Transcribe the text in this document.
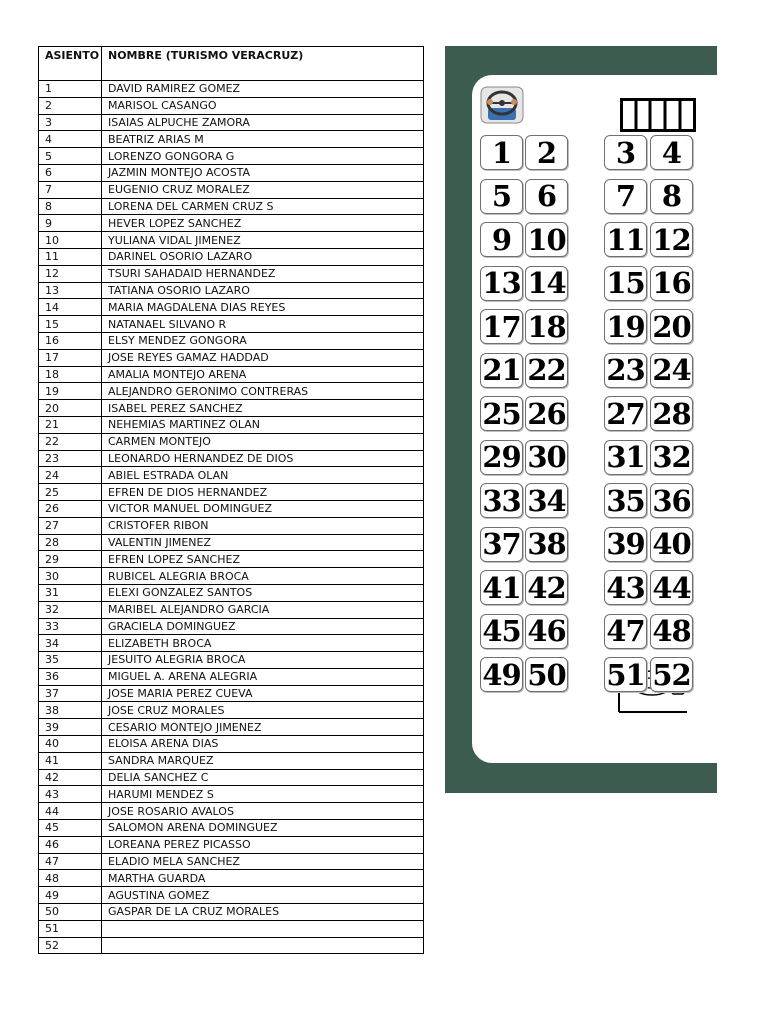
ASIENTO	NOMBRE (TURISMO VERACRUZ)
1	DAVID RAMIREZ GOMEZ
2	MARISOL CASANGO
3	ISAIAS ALPUCHE ZAMORA
4	BEATRIZ ARIAS M
5	LORENZO GONGORA G
6	JAZMIN MONTEJO ACOSTA
7	EUGENIO CRUZ MORALEZ
8	LORENA DEL CARMEN CRUZ S
9	HEVER LOPEZ SANCHEZ
10	YULIANA VIDAL JIMENEZ
11	DARINEL OSORIO LAZARO
12	TSURI SAHADAID HERNANDEZ
13	TATIANA OSORIO LAZARO
14	MARIA MAGDALENA DIAS REYES
15	NATANAEL SILVANO R
16	ELSY MENDEZ GONGORA
17	JOSE REYES GAMAZ HADDAD
18	AMALIA MONTEJO ARENA
19	ALEJANDRO GERONIMO CONTRERAS
20	ISABEL PEREZ SANCHEZ
21	NEHEMIAS MARTINEZ OLAN
22	CARMEN MONTEJO
23	LEONARDO HERNANDEZ DE DIOS
24	ABIEL ESTRADA OLAN
25	EFREN DE DIOS HERNANDEZ
26	VICTOR MANUEL DOMINGUEZ
27	CRISTOFER RIBON
28	VALENTIN JIMENEZ
29	EFREN LOPEZ SANCHEZ
30	RUBICEL ALEGRIA BROCA
31	ELEXI GONZALEZ SANTOS
32	MARIBEL ALEJANDRO GARCIA
33	GRACIELA DOMINGUEZ
34	ELIZABETH BROCA
35	JESUITO ALEGRIA BROCA
36	MIGUEL A. ARENA ALEGRIA
37	JOSE MARIA PEREZ CUEVA
38	JOSE CRUZ MORALES
39	CESARIO MONTEJO JIMENEZ
40	ELOISA ARENA DIAS
41	SANDRA MARQUEZ
42	DELIA SANCHEZ C
43	HARUMI MENDEZ S
44	JOSE ROSARIO AVALOS
45	SALOMON ARENA DOMINGUEZ
46	LOREANA PEREZ PICASSO
47	ELADIO MELA SANCHEZ
48	MARTHA GUARDA
49	AGUSTINA GOMEZ
50	GASPAR DE LA CRUZ MORALES
51	
52	
1 2	3 4
5 6	7 8
9 10 11 12
13 14 15 16
17 18 19 20
21 22 23 24
25 26 27 28
29 30 31 32
33 34 35 36
37 38 39 40
41 42 43 44
45 46 47 48
49 50 51 52
